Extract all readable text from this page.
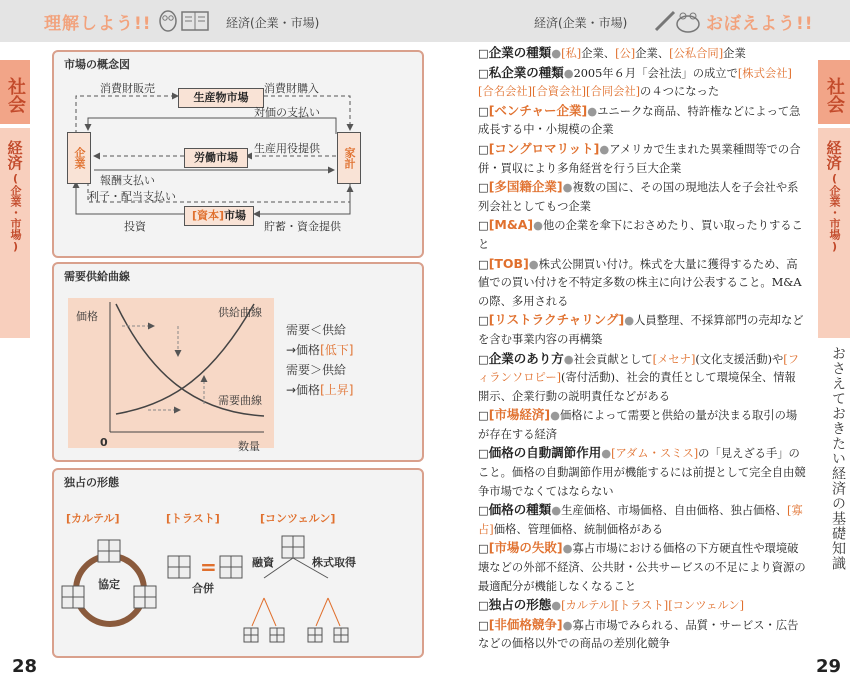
理解しよう!!	経済(企業・市場)	経済(企業・市場)	おぼえよう!!
社会
経済
(企業・市場)
社会
経済
(企業・市場)
おさえておきたい経済の基礎知識
28	29
市場の概念図
企業	家計
生産物市場
労働市場
[資本]市場
消費財販売	消費財購入
対価の支払い
生産用役提供
報酬支払い
利子・配当支払い
投資	貯蓄・資金提供
需要供給曲線
価格
数量
0
供給曲線
需要曲線
需要＜供給
→価格[低下]
需要＞供給
→価格[上昇]
独占の形態
[カルテル]	[トラスト]	[コンツェルン]
=
協定	合併
融資	株式取得

□企業の種類●[私]企業、[公]企業、[公私合同]企業

□私企業の種類●2005年６月「会社法」の成立で[株式会社][合名会社][合資会社][合同会社]の４つになった

□[ベンチャー企業]●ユニークな商品、特許権などによって急成長する中・小規模の企業

□[コングロマリット]●アメリカで生まれた異業種間等での合併・買収により多角経営を行う巨大企業

□[多国籍企業]●複数の国に、その国の現地法人を子会社や系列会社としてもつ企業

□[M&A]●他の企業を傘下におさめたり、買い取ったりすること

□[TOB]●株式公開買い付け。株式を大量に獲得するため、高値での買い付けを不特定多数の株主に向け公表すること。M&Aの際、多用される

□[リストラクチャリング]●人員整理、不採算部門の売却などを含む事業内容の再構築

□企業のあり方●社会貢献として[メセナ](文化支援活動)や[フィランソロピー](寄付活動)、社会的責任として環境保全、情報開示、企業行動の説明責任などがある

□[市場経済]●価格によって需要と供給の量が決まる取引の場が存在する経済

□価格の自動調節作用●[アダム・スミス]の「見えざる手」のこと。価格の自動調節作用が機能するには前提として完全自由競争市場でなくてはならない

□価格の種類●生産価格、市場価格、自由価格、独占価格、[寡占]価格、管理価格、統制価格がある

□[市場の失敗]●寡占市場における価格の下方硬直性や環境破壊などの外部不経済、公共財・公共サービスの不足により資源の最適配分が機能しなくなること

□独占の形態●[カルテル][トラスト][コンツェルン]

□[非価格競争]●寡占市場でみられる、品質・サービス・広告などの価格以外での商品の差別化競争
